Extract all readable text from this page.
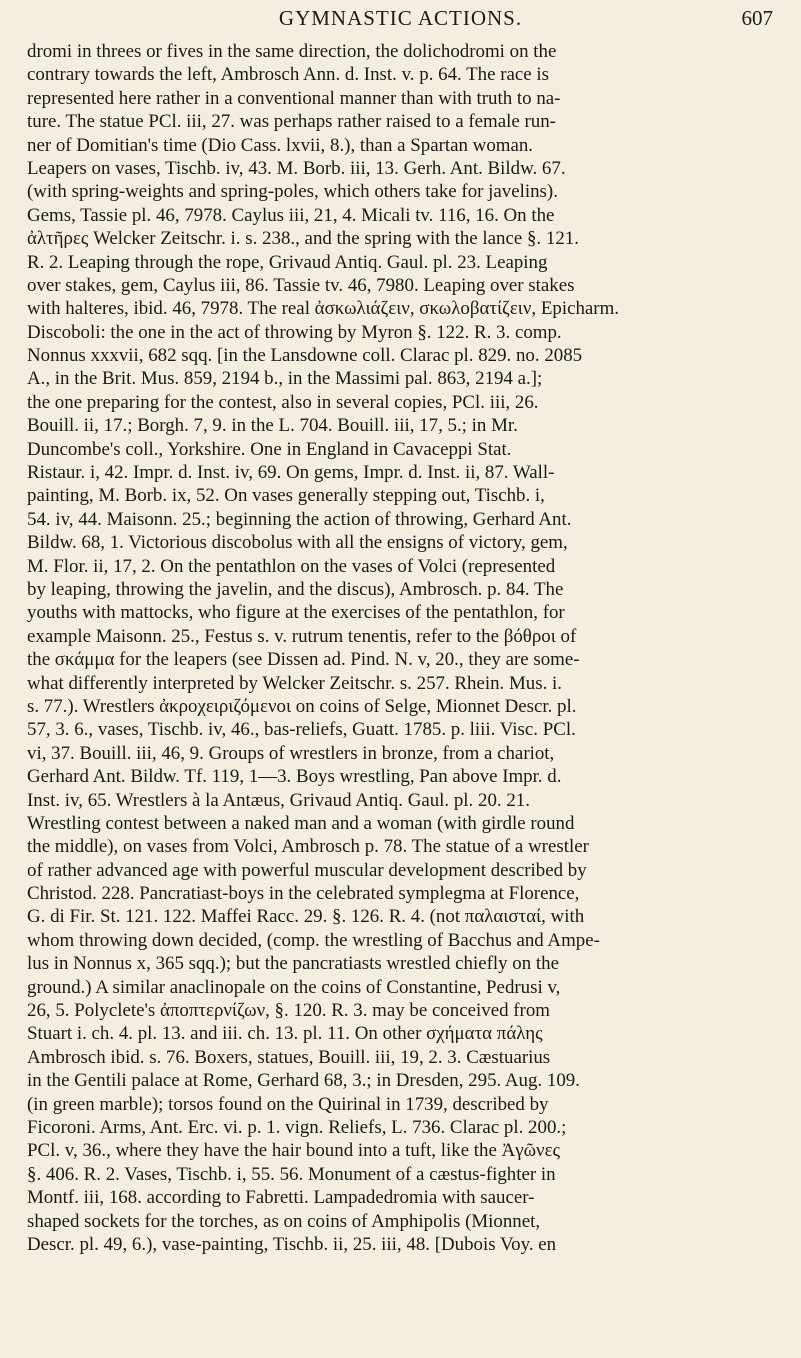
GYMNASTIC ACTIONS.	607
dromi in threes or fives in the same direction, the dolichodromi on the
contrary towards the left, Ambrosch Ann. d. Inst. v. p. 64. The race is
represented here rather in a conventional manner than with truth to na-
ture. The statue PCl. iii, 27. was perhaps rather raised to a female run-
ner of Domitian's time (Dio Cass. lxvii, 8.), than a Spartan woman.
Leapers on vases, Tischb. iv, 43. M. Borb. iii, 13. Gerh. Ant. Bildw. 67.
(with spring-weights and spring-poles, which others take for javelins).
Gems, Tassie pl. 46, 7978. Caylus iii, 21, 4. Micali tv. 116, 16. On the
ἀλτῆρες Welcker Zeitschr. i. s. 238., and the spring with the lance §. 121.
R. 2. Leaping through the rope, Grivaud Antiq. Gaul. pl. 23. Leaping
over stakes, gem, Caylus iii, 86. Tassie tv. 46, 7980. Leaping over stakes
with halteres, ibid. 46, 7978. The real ἀσκωλιάζειν, σκωλοβατίζειν, Epicharm.
Discoboli: the one in the act of throwing by Myron §. 122. R. 3. comp.
Nonnus xxxvii, 682 sqq. [in the Lansdowne coll. Clarac pl. 829. no. 2085
A., in the Brit. Mus. 859, 2194 b., in the Massimi pal. 863, 2194 a.];
the one preparing for the contest, also in several copies, PCl. iii, 26.
Bouill. ii, 17.; Borgh. 7, 9. in the L. 704. Bouill. iii, 17, 5.; in Mr.
Duncombe's coll., Yorkshire. One in England in Cavaceppi Stat.
Ristaur. i, 42. Impr. d. Inst. iv, 69. On gems, Impr. d. Inst. ii, 87. Wall-
painting, M. Borb. ix, 52. On vases generally stepping out, Tischb. i,
54. iv, 44. Maisonn. 25.; beginning the action of throwing, Gerhard Ant.
Bildw. 68, 1. Victorious discobolus with all the ensigns of victory, gem,
M. Flor. ii, 17, 2. On the pentathlon on the vases of Volci (represented
by leaping, throwing the javelin, and the discus), Ambrosch. p. 84. The
youths with mattocks, who figure at the exercises of the pentathlon, for
example Maisonn. 25., Festus s. v. rutrum tenentis, refer to the βόθροι of
the σκάμμα for the leapers (see Dissen ad. Pind. N. v, 20., they are some-
what differently interpreted by Welcker Zeitschr. s. 257. Rhein. Mus. i.
s. 77.). Wrestlers ἀκροχειριζόμενοι on coins of Selge, Mionnet Descr. pl.
57, 3. 6., vases, Tischb. iv, 46., bas-reliefs, Guatt. 1785. p. liii. Visc. PCl.
vi, 37. Bouill. iii, 46, 9. Groups of wrestlers in bronze, from a chariot,
Gerhard Ant. Bildw. Tf. 119, 1—3. Boys wrestling, Pan above Impr. d.
Inst. iv, 65. Wrestlers à la Antæus, Grivaud Antiq. Gaul. pl. 20. 21.
Wrestling contest between a naked man and a woman (with girdle round
the middle), on vases from Volci, Ambrosch p. 78. The statue of a wrestler
of rather advanced age with powerful muscular development described by
Christod. 228. Pancratiast-boys in the celebrated symplegma at Florence,
G. di Fir. St. 121. 122. Maffei Racc. 29. §. 126. R. 4. (not παλαισταί, with
whom throwing down decided, (comp. the wrestling of Bacchus and Ampe-
lus in Nonnus x, 365 sqq.); but the pancratiasts wrestled chiefly on the
ground.) A similar anaclinopale on the coins of Constantine, Pedrusi v,
26, 5. Polyclete's ἀποπτερνίζων, §. 120. R. 3. may be conceived from
Stuart i. ch. 4. pl. 13. and iii. ch. 13. pl. 11. On other σχήματα πάλης
Ambrosch ibid. s. 76. Boxers, statues, Bouill. iii, 19, 2. 3. Cæstuarius
in the Gentili palace at Rome, Gerhard 68, 3.; in Dresden, 295. Aug. 109.
(in green marble); torsos found on the Quirinal in 1739, described by
Ficoroni. Arms, Ant. Erc. vi. p. 1. vign. Reliefs, L. 736. Clarac pl. 200.;
PCl. v, 36., where they have the hair bound into a tuft, like the Ἀγῶνες
§. 406. R. 2. Vases, Tischb. i, 55. 56. Monument of a cæstus-fighter in
Montf. iii, 168. according to Fabretti. Lampadedromia with saucer-
shaped sockets for the torches, as on coins of Amphipolis (Mionnet,
Descr. pl. 49, 6.), vase-painting, Tischb. ii, 25. iii, 48. [Dubois Voy. en
